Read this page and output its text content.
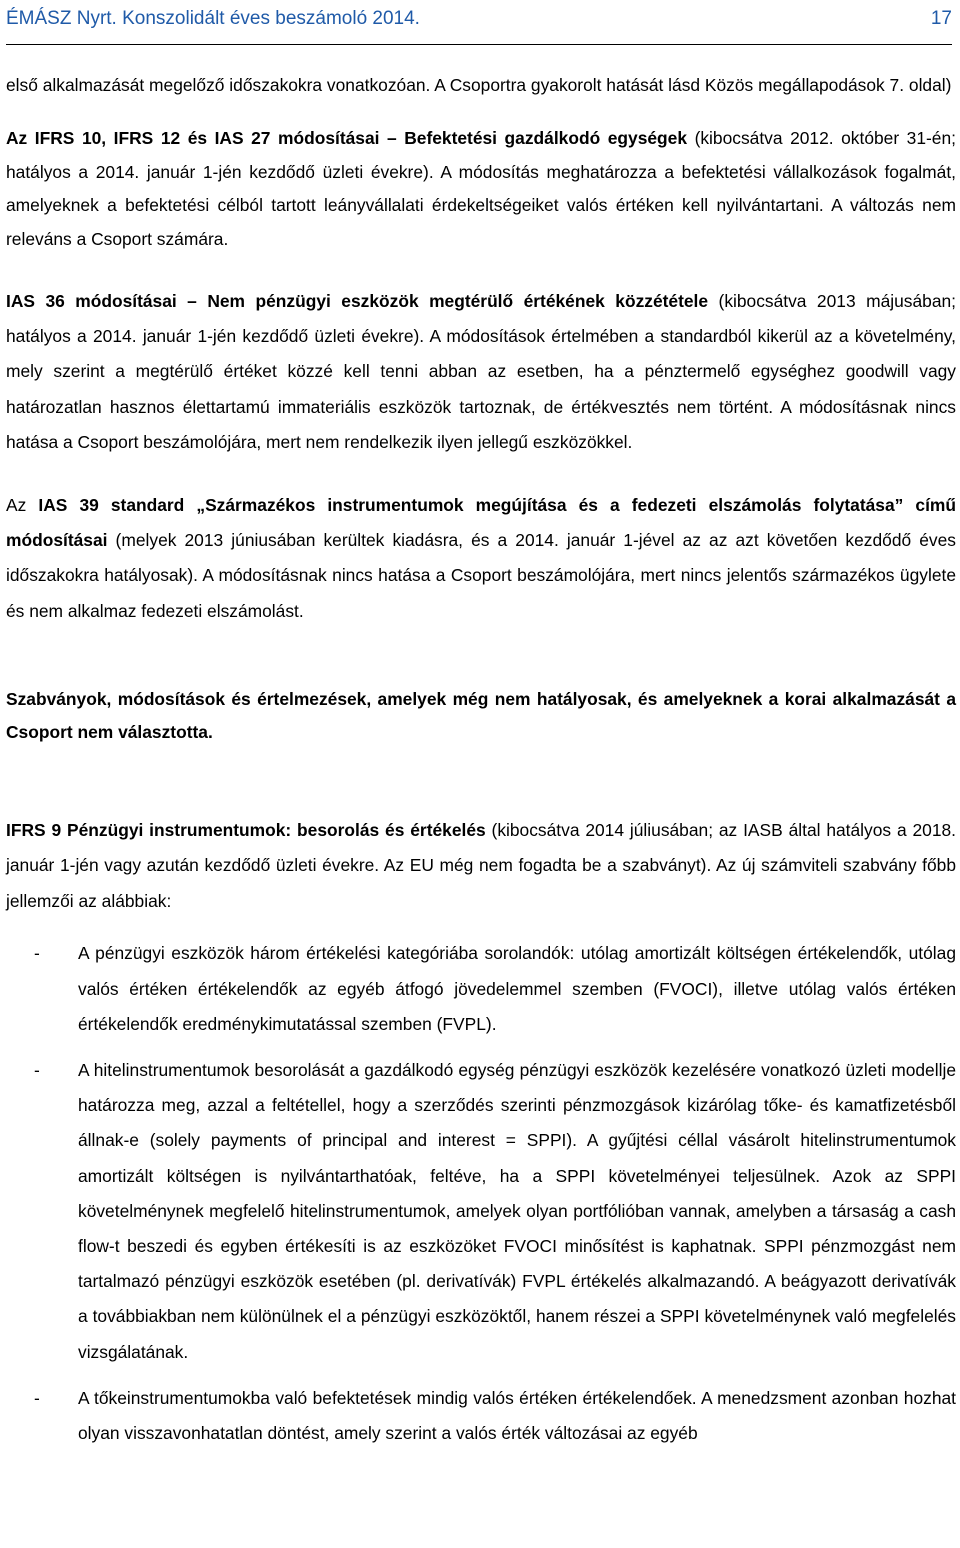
ÉMÁSZ Nyrt. Konszolidált éves beszámoló 2014.	17

első alkalmazását megelőző időszakokra vonatkozóan. A Csoportra gyakorolt hatását lásd Közös megállapodások 7. oldal)

Az IFRS 10, IFRS 12 és IAS 27 módosításai – Befektetési gazdálkodó egységek (kibocsátva 2012. október 31-én; hatályos a 2014. január 1-jén kezdődő üzleti évekre). A módosítás meghatározza a befektetési vállalkozások fogalmát, amelyeknek a befektetési célból tartott leányvállalati érdekeltségeiket valós értéken kell nyilvántartani. A változás nem releváns a Csoport számára.

IAS 36 módosításai – Nem pénzügyi eszközök megtérülő értékének közzététele (kibocsátva 2013 májusában; hatályos a 2014. január 1-jén kezdődő üzleti évekre). A módosítások értelmében a standardból kikerül az a követelmény, mely szerint a megtérülő értéket közzé kell tenni abban az esetben, ha a pénztermelő egységhez goodwill vagy határozatlan hasznos élettartamú immateriális eszközök tartoznak, de értékvesztés nem történt. A módosításnak nincs hatása a Csoport beszámolójára, mert nem rendelkezik ilyen jellegű eszközökkel.

Az IAS 39 standard „Származékos instrumentumok megújítása és a fedezeti elszámolás folytatása” című módosításai (melyek 2013 júniusában kerültek kiadásra, és a 2014. január 1-jével az az azt követően kezdődő éves időszakokra hatályosak). A módosításnak nincs hatása a Csoport beszámolójára, mert nincs jelentős származékos ügylete és nem alkalmaz fedezeti elszámolást.

Szabványok, módosítások és értelmezések, amelyek még nem hatályosak, és amelyeknek a korai alkalmazását a Csoport nem választotta.

IFRS 9 Pénzügyi instrumentumok: besorolás és értékelés (kibocsátva 2014 júliusában; az IASB által hatályos a 2018. január 1-jén vagy azután kezdődő üzleti évekre. Az EU még nem fogadta be a szabványt). Az új számviteli szabvány főbb jellemzői az alábbiak:

- A pénzügyi eszközök három értékelési kategóriába sorolandók: utólag amortizált költségen értékelendők, utólag valós értéken értékelendők az egyéb átfogó jövedelemmel szemben (FVOCI), illetve utólag valós értéken értékelendők eredménykimutatással szemben (FVPL).
- A hitelinstrumentumok besorolását a gazdálkodó egység pénzügyi eszközök kezelésére vonatkozó üzleti modellje határozza meg, azzal a feltétellel, hogy a szerződés szerinti pénzmozgások kizárólag tőke- és kamatfizetésből állnak-e (solely payments of principal and interest = SPPI). A gyűjtési céllal vásárolt hitelinstrumentumok amortizált költségen is nyilvántarthatóak, feltéve, ha a SPPI követelményei teljesülnek. Azok az SPPI követelménynek megfelelő hitelinstrumentumok, amelyek olyan portfólióban vannak, amelyben a társaság a cash flow-t beszedi és egyben értékesíti is az eszközöket FVOCI minősítést is kaphatnak. SPPI pénzmozgást nem tartalmazó pénzügyi eszközök esetében (pl. derivatívák) FVPL értékelés alkalmazandó. A beágyazott derivatívák a továbbiakban nem különülnek el a pénzügyi eszközöktől, hanem részei a SPPI követelménynek való megfelelés vizsgálatának.
- A tőkeinstrumentumokba való befektetések mindig valós értéken értékelendőek. A menedzsment azonban hozhat olyan visszavonhatatlan döntést, amely szerint a valós érték változásai az egyéb
